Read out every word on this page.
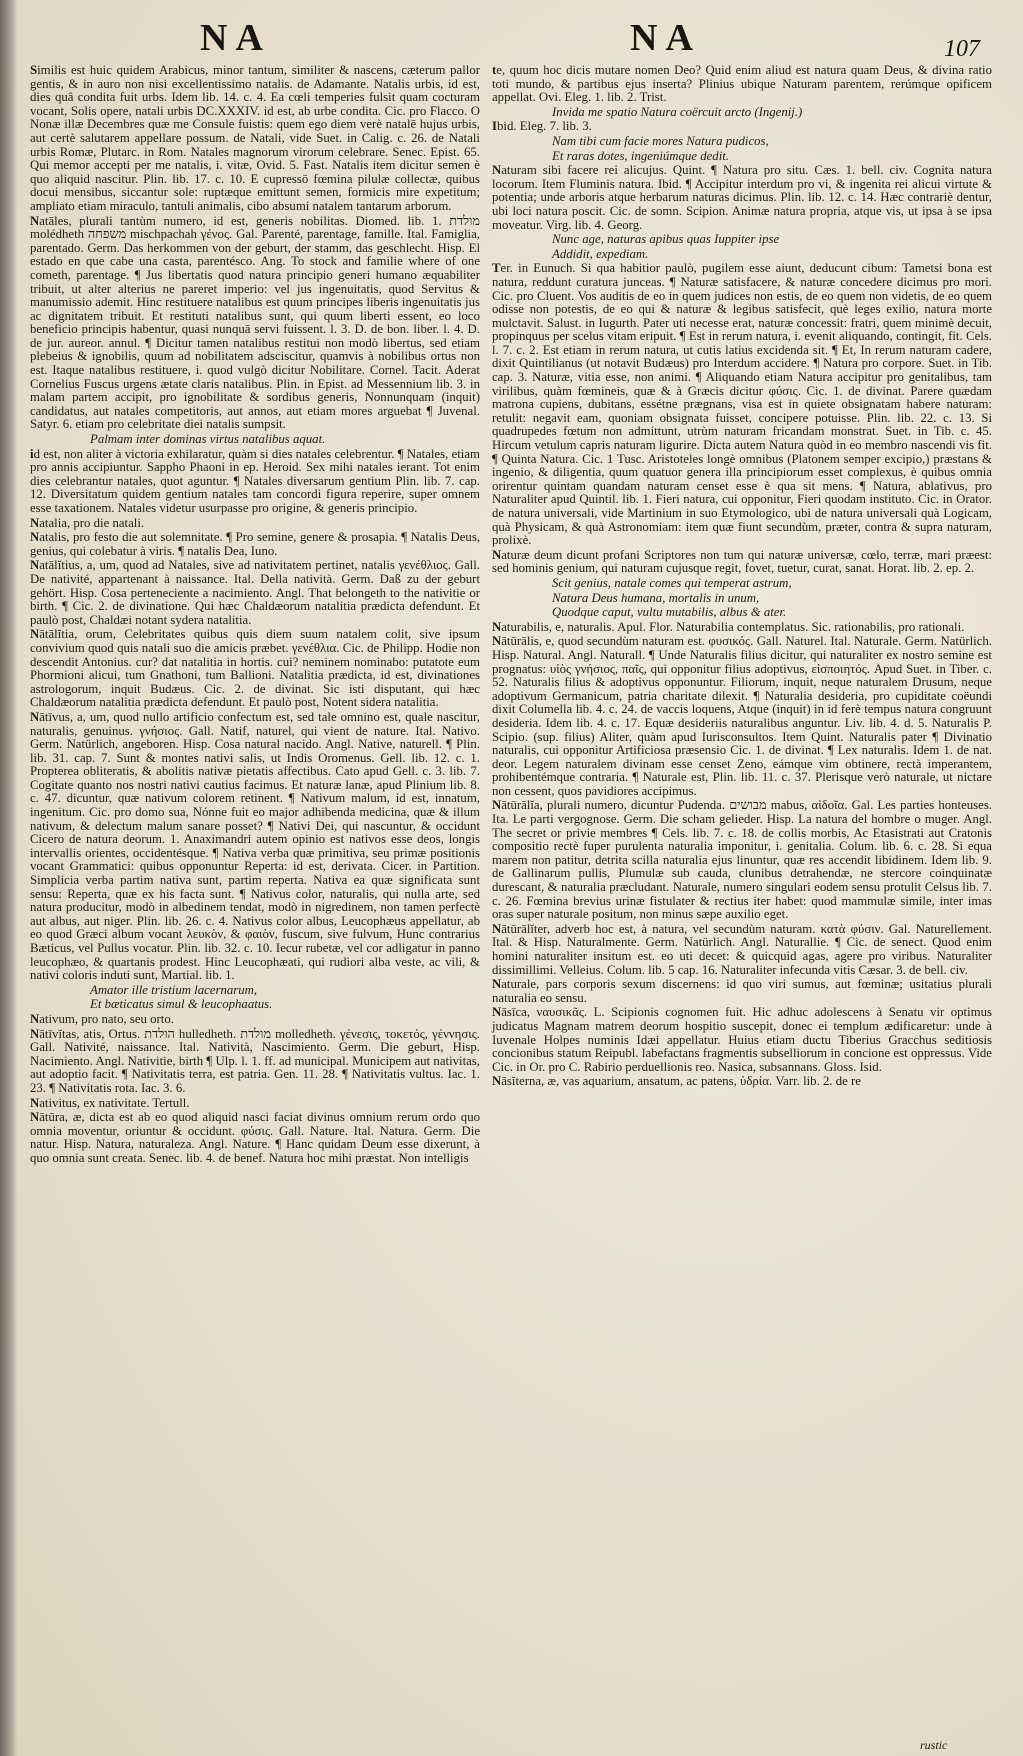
NA	NA	107

Similis est huic quidem Arabicus, minor tantum, similiter & nascens, cæterum pallor gentis, & in auro non nisi excellentissimo natalis. de Adamante. Natalis urbis, id est, dies quâ condita fuit urbs. Idem lib. 14. c. 4. Ea cœli temperies fulsit quam cocturam vocant, Solis opere, natali urbis DC.XXXIV. id est, ab urbe condita. Cic. pro Flacco. O Nonæ illæ Decembres quæ me Consule fuistis: quem ego diem verè natalē hujus urbis, aut certè salutarem appellare possum. de Natali, vide Suet. in Calig. c. 26. de Natali urbis Romæ, Plutarc. in Rom. Natales magnorum virorum celebrare. Senec. Epist. 65. Qui memor accepti per me natalis, i. vitæ, Ovid. 5. Fast. Natalis item dicitur semen è quo aliquid nascitur. Plin. lib. 17. c. 10. E cupressō fœmina pilulæ collectæ, quibus docui mensibus, siccantur sole: ruptæque emittunt semen, formicis mire expetitum; ampliato etiam miraculo, tantuli animalis, cibo absumi natalem tantarum arborum.

Natāles, plurali tantùm numero, id est, generis nobilitas. Diomed. lib. 1. מולדת molédheth משפחה mischpachah γένος. Gal. Parenté, parentage, famille. Ital. Famiglia, parentado. Germ. Das herkommen von der geburt, der stamm, das geschlecht. Hisp. El estado en que cabe una casta, parentésco. Ang. To stock and familie where of one cometh, parentage. ¶ Jus libertatis quod natura principio generi humano æquabiliter tribuit, ut alter alterius ne pareret imperio: vel jus ingenuitatis, quod Servitus & manumissio ademit. Hinc restituere natalibus est quum principes liberis ingenuitatis jus ac dignitatem tribuit. Et restituti natalibus sunt, qui quum liberti essent, eo loco beneficio principis habentur, quasi nunquā servi fuissent. l. 3. D. de bon. liber. l. 4. D. de jur. aureor. annul. ¶ Dicitur tamen natalibus restitui non modò libertus, sed etiam plebeius & ignobilis, quum ad nobilitatem adsciscitur, quamvis à nobilibus ortus non est. Itaque natalibus restituere, i. quod vulgò dicitur Nobilitare. Cornel. Tacit. Aderat Cornelius Fuscus urgens ætate claris natalibus. Plin. in Epist. ad Messennium lib. 3. in malam partem accipit, pro ignobilitate & sordibus generis, Nonnunquam (inquit) candidatus, aut natales competitoris, aut annos, aut etiam mores arguebat ¶ Juvenal. Satyr. 6. etiam pro celebritate diei natalis sumpsit.

Palmam inter dominas virtus natalibus aquat.

id est, non aliter à victoria exhilaratur, quàm si dies natales celebrentur. ¶ Natales, etiam pro annis accipiuntur. Sappho Phaoni in ep. Heroid. Sex mihi natales ierant. Tot enim dies celebrantur natales, quot aguntur. ¶ Natales diversarum gentium Plin. lib. 7. cap. 12. Diversitatum quidem gentium natales tam concordi figura reperire, super omnem esse taxationem. Natales videtur usurpasse pro origine, & generis principio.

Natalia, pro die natali.

Natalis, pro festo die aut solemnitate. ¶ Pro semine, genere & prosapia. ¶ Natalis Deus, genius, qui colebatur à viris. ¶ natalis Dea, Iuno.

Natālĭtius, a, um, quod ad Natales, sive ad nativitatem pertinet, natalis γενέθλιος. Gall. De nativité, appartenant à naissance. Ital. Della natività. Germ. Daß zu der geburt gehört. Hisp. Cosa perteneciente a nacimiento. Angl. That belongeth to the nativitie or birth. ¶ Cic. 2. de divinatione. Qui hæc Chaldæorum natalitia prædicta defendunt. Et paulò post, Chaldæi notant sydera natalitia.

Nātālĭtia, orum, Celebritates quibus quis diem suum natalem colit, sive ipsum convivium quod quis natali suo die amicis præbet. γενέθλια. Cic. de Philipp. Hodie non descendit Antonius. cur? dat natalitia in hortis. cui? neminem nominabo: putatote eum Phormioni alicui, tum Gnathoni, tum Ballioni. Natalitia prædicta, id est, divinationes astrologorum, inquit Budæus. Cic. 2. de divinat. Sic isti disputant, qui hæc Chaldæorum natalitia prædicta defendunt. Et paulò post, Notent sidera natalitia.

Nātīvus, a, um, quod nullo artificio confectum est, sed tale omnino est, quale nascitur, naturalis, genuinus. γνήσιος. Gall. Natif, naturel, qui vient de nature. Ital. Nativo. Germ. Natürlich, angeboren. Hisp. Cosa natural nacido. Angl. Native, naturell. ¶ Plin. lib. 31. cap. 7. Sunt & montes nativi salis, ut Indis Oromenus. Gell. lib. 12. c. 1. Propterea obliteratis, & abolitis nativæ pietatis affectibus. Cato apud Gell. c. 3. lib. 7. Cogitate quanto nos nostri nativi cautius facimus. Et naturæ lanæ, apud Plinium lib. 8. c. 47. dicuntur, quæ nativum colorem retinent. ¶ Nativum malum, id est, innatum, ingenitum. Cic. pro domo sua, Nónne fuit eo major adhibenda medicina, quæ & illum nativum, & delectum malum sanare posset? ¶ Nativi Dei, qui nascuntur, & occidunt Cicero de natura deorum. 1. Anaximandri autem opinio est nativos esse deos, longis intervallis orientes, occidentésque. ¶ Nativa verba quæ primitiva, seu primæ positionis vocant Grammatici: quibus opponuntur Reperta: id est, derivata. Cicer. in Partition. Simplicia verba partim nativa sunt, partim reperta. Nativa ea quæ significata sunt sensu: Reperta, quæ ex his facta sunt. ¶ Nativus color, naturalis, qui nulla arte, sed natura producitur, modò in albedinem tendat, modò in nigredinem, non tamen perfectè aut albus, aut niger. Plin. lib. 26. c. 4. Nativus color albus, Leucophæus appellatur, ab eo quod Græci album vocant λευκὸν, & φαιὸν, fuscum, sive fulvum, Hunc contrarius Bæticus, vel Pullus vocatur. Plin. lib. 32. c. 10. Iecur rubetæ, vel cor adligatur in panno leucophæo, & quartanis prodest. Hinc Leucophæati, qui rudiori alba veste, ac vili, & nativi coloris induti sunt, Martial. lib. 1.

Amator ille tristium lacernarum,

Et bæticatus simul & leucophaatus.

Nativum, pro nato, seu orto.

Nātīvĭtas, atis, Ortus. הולדת hulledheth. מולדת molledheth. γένεσις, τοκετός, γέννησις. Gall. Nativité, naissance. Ital. Natività, Nascimiento. Germ. Die geburt, Hisp. Nacimiento. Angl. Nativitie, birth ¶ Ulp. l. 1. ff. ad municipal. Municipem aut nativitas, aut adoptio facit. ¶ Nativitatis terra, est patria. Gen. 11. 28. ¶ Nativitatis vultus. Iac. 1. 23. ¶ Nativitatis rota. Iac. 3. 6.

Nativitus, ex nativitate. Tertull.

Nātūra, æ, dicta est ab eo quod aliquid nasci faciat divinus omnium rerum ordo quo omnia moventur, oriuntur & occidunt. φύσις. Gall. Nature. Ital. Natura. Germ. Die natur. Hisp. Natura, naturaleza. Angl. Nature. ¶ Hanc quidam Deum esse dixerunt, à quo omnia sunt creata. Senec. lib. 4. de benef. Natura hoc mihi præstat. Non intelligis

te, quum hoc dicis mutare nomen Deo? Quid enim aliud est natura quam Deus, & divina ratio toti mundo, & partibus ejus inserta? Plinius ubique Naturam parentem, rerúmque opificem appellat. Ovi. Eleg. 1. lib. 2. Trist.

Invida me spatio Natura coërcuit arcto (Ingenij.)

Ibid. Eleg. 7. lib. 3.

Nam tibi cum facie mores Natura pudicos,

Et raras dotes, ingeniúmque dedit.

Naturam sibi facere rei alicujus. Quint. ¶ Natura pro situ. Cæs. 1. bell. civ. Cognita natura locorum. Item Fluminis natura. Ibid. ¶ Accipitur interdum pro vi, & ingenita rei alicui virtute & potentia; unde arboris atque herbarum naturas dicimus. Plin. lib. 12. c. 14. Hæc contrariè dentur, ubi loci natura poscit. Cic. de somn. Scipion. Animæ natura propria, atque vis, ut ipsa à se ipsa moveatur. Virg. lib. 4. Georg.

Nunc age, naturas apibus quas Iuppiter ipse

Addidit, expediam.

Ter. in Eunuch. Si qua habitior paulò, pugilem esse aiunt, deducunt cibum: Tametsi bona est natura, reddunt curatura junceas. ¶ Naturæ satisfacere, & naturæ concedere dicimus pro mori. Cic. pro Cluent. Vos auditis de eo in quem judices non estis, de eo quem non videtis, de eo quem odisse non potestis, de eo qui & naturæ & legibus satisfecit, què leges exilio, natura morte mulctavit. Salust. in Iugurth. Pater uti necesse erat, naturæ concessit: fratri, quem minimè decuit, propinquus per scelus vitam eripuit. ¶ Est in rerum natura, i. evenit aliquando, contingit, fit. Cels. l. 7. c. 2. Est etiam in rerum natura, ut cutis latius excidenda sit. ¶ Et, In rerum naturam cadere, dixit Quintilianus (ut notavit Budæus) pro Interdum accidere. ¶ Natura pro corpore. Suet. in Tib. cap. 3. Naturæ, vitia esse, non animi. ¶ Aliquando etiam Natura accipitur pro genitalibus, tam virilibus, quàm fœmineis, quæ & à Græcis dicitur φύσις. Cic. 1. de divinat. Parere quædam matrona cupiens, dubitans, essétne prægnans, visa est in quiete obsignatam habere naturam: retulit: negavit eam, quoniam obsignata fuisset, concipere potuisse. Plin. lib. 22. c. 13. Si quadrupedes fœtum non admittunt, utrùm naturam fricandam monstrat. Suet. in Tib. c. 45. Hircum vetulum capris naturam ligurire. Dicta autem Natura quòd in eo membro nascendi vis fit. ¶ Quinta Natura. Cic. 1 Tusc. Aristoteles longè omnibus (Platonem semper excipio,) præstans & ingenio, & diligentia, quum quatuor genera illa principiorum esset complexus, è quibus omnia orirentur quintam quandam naturam censet esse è qua sit mens. ¶ Natura, ablativus, pro Naturaliter apud Quintil. lib. 1. Fieri natura, cui opponitur, Fieri quodam instituto. Cic. in Orator. de natura universali, vide Martinium in suo Etymologico, ubi de natura universali quà Logicam, quà Physicam, & quà Astronomiam: item quæ fiunt secundùm, præter, contra & supra naturam, prolixè.

Naturæ deum dicunt profani Scriptores non tum qui naturæ universæ, cœlo, terræ, mari præest: sed hominis genium, qui naturam cujusque regit, fovet, tuetur, curat, sanat. Horat. lib. 2. ep. 2.

Scit genius, natale comes qui temperat astrum,

Natura Deus humana, mortalis in unum,

Quodque caput, vultu mutabilis, albus & ater.

Naturabilis, e, naturalis. Apul. Flor. Naturabilia contemplatus. Sic. rationabilis, pro rationali.

Nātūrālis, e, quod secundùm naturam est. φυσικός. Gall. Naturel. Ital. Naturale. Germ. Natürlich. Hisp. Natural. Angl. Naturall. ¶ Unde Naturalis filius dicitur, qui naturaliter ex nostro semine est prognatus: υἱὸς γνήσιος, παῖς, qui opponitur filius adoptivus, εἰσποιητός. Apud Suet. in Tiber. c. 52. Naturalis filius & adoptivus opponuntur. Filiorum, inquit, neque naturalem Drusum, neque adoptivum Germanicum, patria charitate dilexit. ¶ Naturalia desideria, pro cupiditate coëundi dixit Columella lib. 4. c. 24. de vaccis loquens, Atque (inquit) in id ferè tempus natura congruunt desideria. Idem lib. 4. c. 17. Equæ desideriis naturalibus anguntur. Liv. lib. 4. d. 5. Naturalis P. Scipio. (sup. filius) Aliter, quàm apud Iurisconsultos. Item Quint. Naturalis pater ¶ Divinatio naturalis, cui opponitur Artificiosa præsensio Cic. 1. de divinat. ¶ Lex naturalis. Idem 1. de nat. deor. Legem naturalem divinam esse censet Zeno, eámque vim obtinere, rectà imperantem, prohibentémque contraria. ¶ Naturale est, Plin. lib. 11. c. 37. Plerisque verò naturale, ut nictare non cessent, quos pavidiores accipimus.

Nātūrālĭa, plurali numero, dicuntur Pudenda. מבושים mabus, αἰδοῖα. Gal. Les parties honteuses. Ita. Le parti vergognose. Germ. Die scham gelieder. Hisp. La natura del hombre o muger. Angl. The secret or privie membres ¶ Cels. lib. 7. c. 18. de collis morbis, Ac Etasistrati aut Cratonis compositio rectè fuper purulenta naturalia imponitur, i. genitalia. Colum. lib. 6. c. 28. Si equa marem non patitur, detrita scilla naturalia ejus linuntur, quæ res accendit libidinem. Idem lib. 9. de Gallinarum pullis, Plumulæ sub cauda, clunibus detrahendæ, ne stercore coinquinatæ durescant, & naturalia præcludant. Naturale, numero singulari eodem sensu protulit Celsus lib. 7. c. 26. Fœmina brevius urinæ fistulater & rectius iter habet: quod mammulæ simile, inter imas oras super naturale positum, non minus sæpe auxilio eget.

Nātūrālĭter, adverb hoc est, à natura, vel secundùm naturam. κατὰ φύσιν. Gal. Naturellement. Ital. & Hisp. Naturalmente. Germ. Natürlich. Angl. Naturallie. ¶ Cic. de senect. Quod enim homini naturaliter insitum est. eo uti decet: & quicquid agas, agere pro viribus. Naturaliter dissimillimi. Velleius. Colum. lib. 5 cap. 16. Naturaliter infecunda vitis Cæsar. 3. de bell. civ.

Naturale, pars corporis sexum discernens: id quo viri sumus, aut fœminæ; usitatius plurali naturalia eo sensu.

Nāsīca, ναυσικᾶς. L. Scipionis cognomen fuit. Hic adhuc adolescens à Senatu vir optimus judicatus Magnam matrem deorum hospitio suscepit, donec ei templum ædificaretur: unde à Iuvenale Holpes numinis Idæi appellatur. Huius etiam ductu Tiberius Gracchus seditiosis concionibus statum Reipubl. labefactans fragmentis subselliorum in concione est oppressus. Vide Cic. in Or. pro C. Rabirio perduellionis reo. Nasica, subsannans. Gloss. Isid.

Nāsĭterna, æ, vas aquarium, ansatum, ac patens, ὑδρία. Varr. lib. 2. de re

rustic
